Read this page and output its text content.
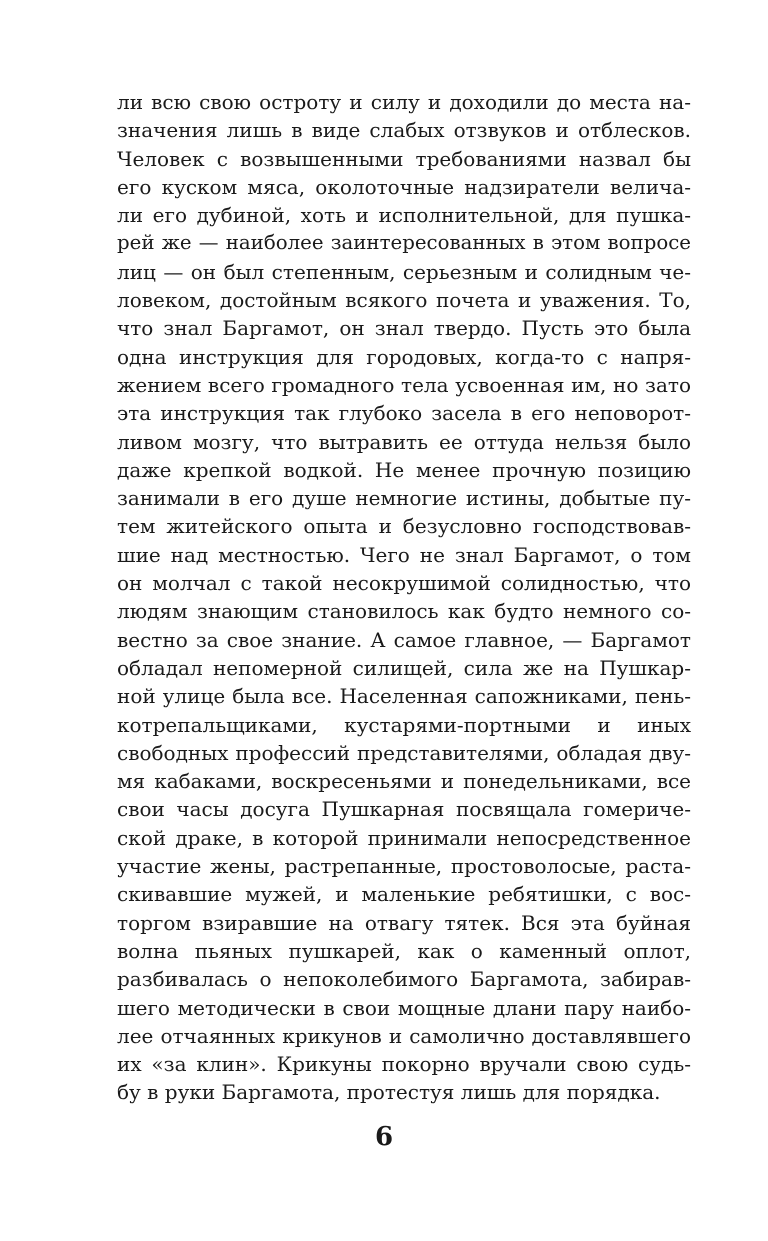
ли всю свою остроту и силу и доходили до места на-
значения лишь в виде слабых отзвуков и отблесков.
Человек с возвышенными требованиями назвал бы
его куском мяса, околоточные надзиратели велича-
ли его дубиной, хоть и исполнительной, для пушка-
рей же — наиболее заинтересованных в этом вопросе
лиц — он был степенным, серьезным и солидным че-
ловеком, достойным всякого почета и уважения. То,
что знал Баргамот, он знал твердо. Пусть это была
одна инструкция для городовых, когда-то с напря-
жением всего громадного тела усвоенная им, но зато
эта инструкция так глубоко засела в его неповорот-
ливом мозгу, что вытравить ее оттуда нельзя было
даже крепкой водкой. Не менее прочную позицию
занимали в его душе немногие истины, добытые пу-
тем житейского опыта и безусловно господствовав-
шие над местностью. Чего не знал Баргамот, о том
он молчал с такой несокрушимой солидностью, что
людям знающим становилось как будто немного со-
вестно за свое знание. А самое главное, — Баргамот
обладал непомерной силищей, сила же на Пушкар-
ной улице была все. Населенная сапожниками, пень-
котрепальщиками, кустарями-портными и иных
свободных профессий представителями, обладая дву-
мя кабаками, воскресеньями и понедельниками, все
свои часы досуга Пушкарная посвящала гомериче-
ской драке, в которой принимали непосредственное
участие жены, растрепанные, простоволосые, раста-
скивавшие мужей, и маленькие ребятишки, с вос-
торгом взиравшие на отвагу тятек. Вся эта буйная
волна пьяных пушкарей, как о каменный оплот,
разбивалась о непоколебимого Баргамота, забирав-
шего методически в свои мощные длани пару наибо-
лее отчаянных крикунов и самолично доставлявшего
их «за клин». Крикуны покорно вручали свою судь-
бу в руки Баргамота, протестуя лишь для порядка.
6
